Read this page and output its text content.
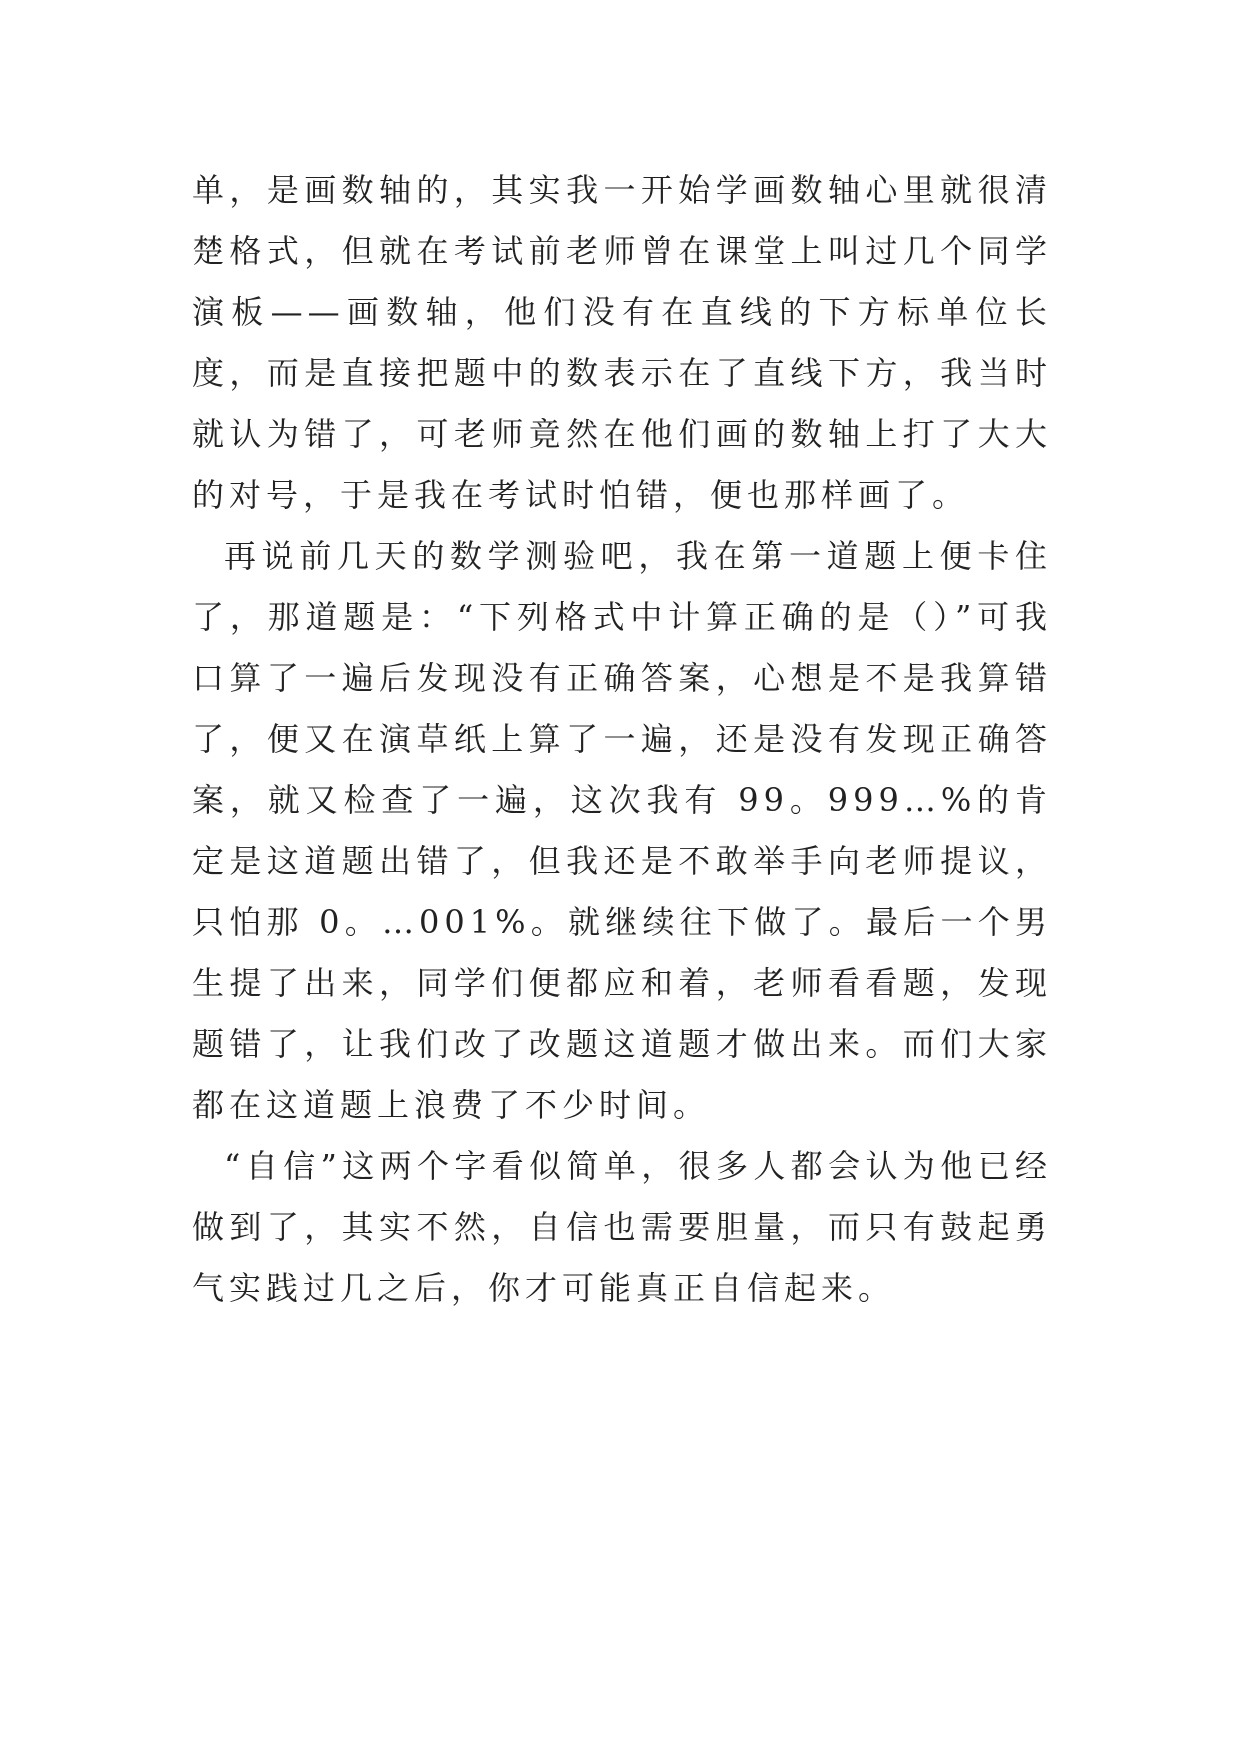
单，是画数轴的，其实我一开始学画数轴心里就很清楚格式，但就在考试前老师曾在课堂上叫过几个同学演板——画数轴，他们没有在直线的下方标单位长度，而是直接把题中的数表示在了直线下方，我当时就认为错了，可老师竟然在他们画的数轴上打了大大的对号，于是我在考试时怕错，便也那样画了。

再说前几天的数学测验吧，我在第一道题上便卡住了，那道题是：“下列格式中计算正确的是（）”可我口算了一遍后发现没有正确答案，心想是不是我算错了，便又在演草纸上算了一遍，还是没有发现正确答案，就又检查了一遍，这次我有 99。999…%的肯定是这道题出错了，但我还是不敢举手向老师提议，只怕那 0。…001%。就继续往下做了。最后一个男生提了出来，同学们便都应和着，老师看看题，发现题错了，让我们改了改题这道题才做出来。而们大家都在这道题上浪费了不少时间。

“自信”这两个字看似简单，很多人都会认为他已经做到了，其实不然，自信也需要胆量，而只有鼓起勇气实践过几之后，你才可能真正自信起来。
